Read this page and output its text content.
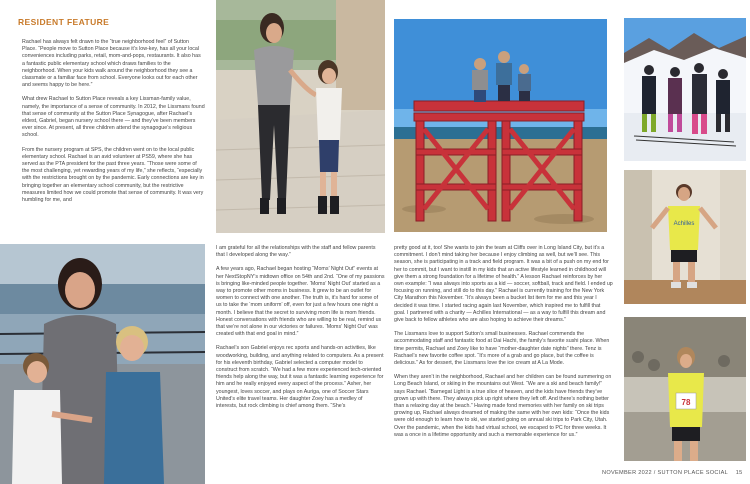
RESIDENT FEATURE

Rachael has always felt drawn to the “true neighborhood feel” of Sutton Place. “People move to Sutton Place because it’s low-key, has all your local conveniences including parks, retail, mom-and-pops, restaurants. It also has a fantastic public elementary school which draws families to the neighborhood. When your kids walk around the neighborhood they see a classmate or a familiar face from school. Everyone looks out for each other and seems happy to be here.”

What drew Rachael to Sutton Place reveals a key Lissman-family value, namely, the importance of a sense of community. In 2012, the Lissmans found that sense of community at the Sutton Place Synagogue, after Rachael’s eldest, Gabriel, began nursery school there — and they’ve been members ever since. At present, all three children attend the synagogue’s religious school.

From the nursery program at SPS, the children went on to the local public elementary school. Rachael is an avid volunteer at PS59, where she has served as the PTA president for the past three years. “Those were some of the most challenging, yet rewarding years of my life,” she reflects, “especially with the restrictions brought on by the pandemic. Early connections are key in bringing together an elementary school community, but the restrictive measures limited how we could promote that sense of community. It was very humbling for me, and

Achilles
78

I am grateful for all the relationships with the staff and fellow parents that I developed along the way.”

A few years ago, Rachael began hosting “Moms’ Night Out” events at her NextStopNY’s midtown office on 54th and 2nd. “One of my passions is bringing like-minded people together. ‘Moms’ Night Out’ started as a way to promote other moms in business. It grew to be an outlet for women to connect with one another. The truth is, it’s hard for some of us to take the ‘mom uniform’ off, even for just a few hours one night a month. I believe that the secret to surviving mom life is mom friends. Honest conversations with friends who are willing to be real, remind us that we’re not alone in our victories or failures. ‘Moms’ Night Out’ was created with that end goal in mind.”

Rachael’s son Gabriel enjoys rec sports and hands-on activities, like woodworking, building, and anything related to computers. As a present for his eleventh birthday, Gabriel selected a computer model to construct from scratch. “We had a few more experienced tech-oriented friends help along the way, but it was a fantastic learning experience for him and he really enjoyed every aspect of the process.” Asher, her youngest, loves soccer, and plays on Auriga, one of Soccer Stars United’s elite travel teams. Her daughter Zoey has a medley of interests, but rock climbing is chief among them. “She’s

pretty good at it, too! She wants to join the team at Cliffs over in Long Island City, but it’s a commitment. I don’t mind taking her because I enjoy climbing as well, but we’ll see. This season, she is participating in a track and field program. It was a bit of a push on my end for her to commit, but I want to instill in my kids that an active lifestyle learned in childhood will give them a strong foundation for a lifetime of health.” A lesson Rachael reinforces by her own example: “I was always into sports as a kid — soccer, softball, track and field. I ended up focusing on running, and still do to this day.” Rachael is currently training for the New York City Marathon this November. “It’s always been a bucket list item for me and this year I decided it was time. I started racing again last November, which inspired me to fulfill that goal. I partnered with a charity — Achilles International — as a way to fulfill this dream and give back to fellow athletes who are also hoping to achieve their dreams.”

The Lissmans love to support Sutton’s small businesses. Rachael commends the accommodating staff and fantastic food at Dai Hachi, the family’s favorite sushi place. When time permits, Rachael and Zoey like to have “mother-daughter date nights” there. Tenz is Rachael’s new favorite coffee spot. “It’s more of a grab and go place, but the coffee is delicious.” As for dessert, the Lissmans love the ice cream at A La Mode.

When they aren’t in the neighborhood, Rachael and her children can be found summering on Long Beach Island, or skiing in the mountains out West. “We are a ski and beach family!” says Rachael. “Barnegat Light is a true slice of heaven, and the kids have friends they’ve grown up with there. They always pick up right where they left off. And there’s nothing better than a relaxing day at the beach.” Having made fond memories with her family on ski trips growing up, Rachael always dreamed of making the same with her own kids: “Once the kids were old enough to learn how to ski, we started going on annual ski trips to Park City, Utah. Over the pandemic, when the kids had virtual school, we escaped to PC for three weeks. It was a once in a lifetime opportunity and such a memorable experience for us.”

NOVEMBER 2022 / SUTTON PLACE SOCIAL 15
